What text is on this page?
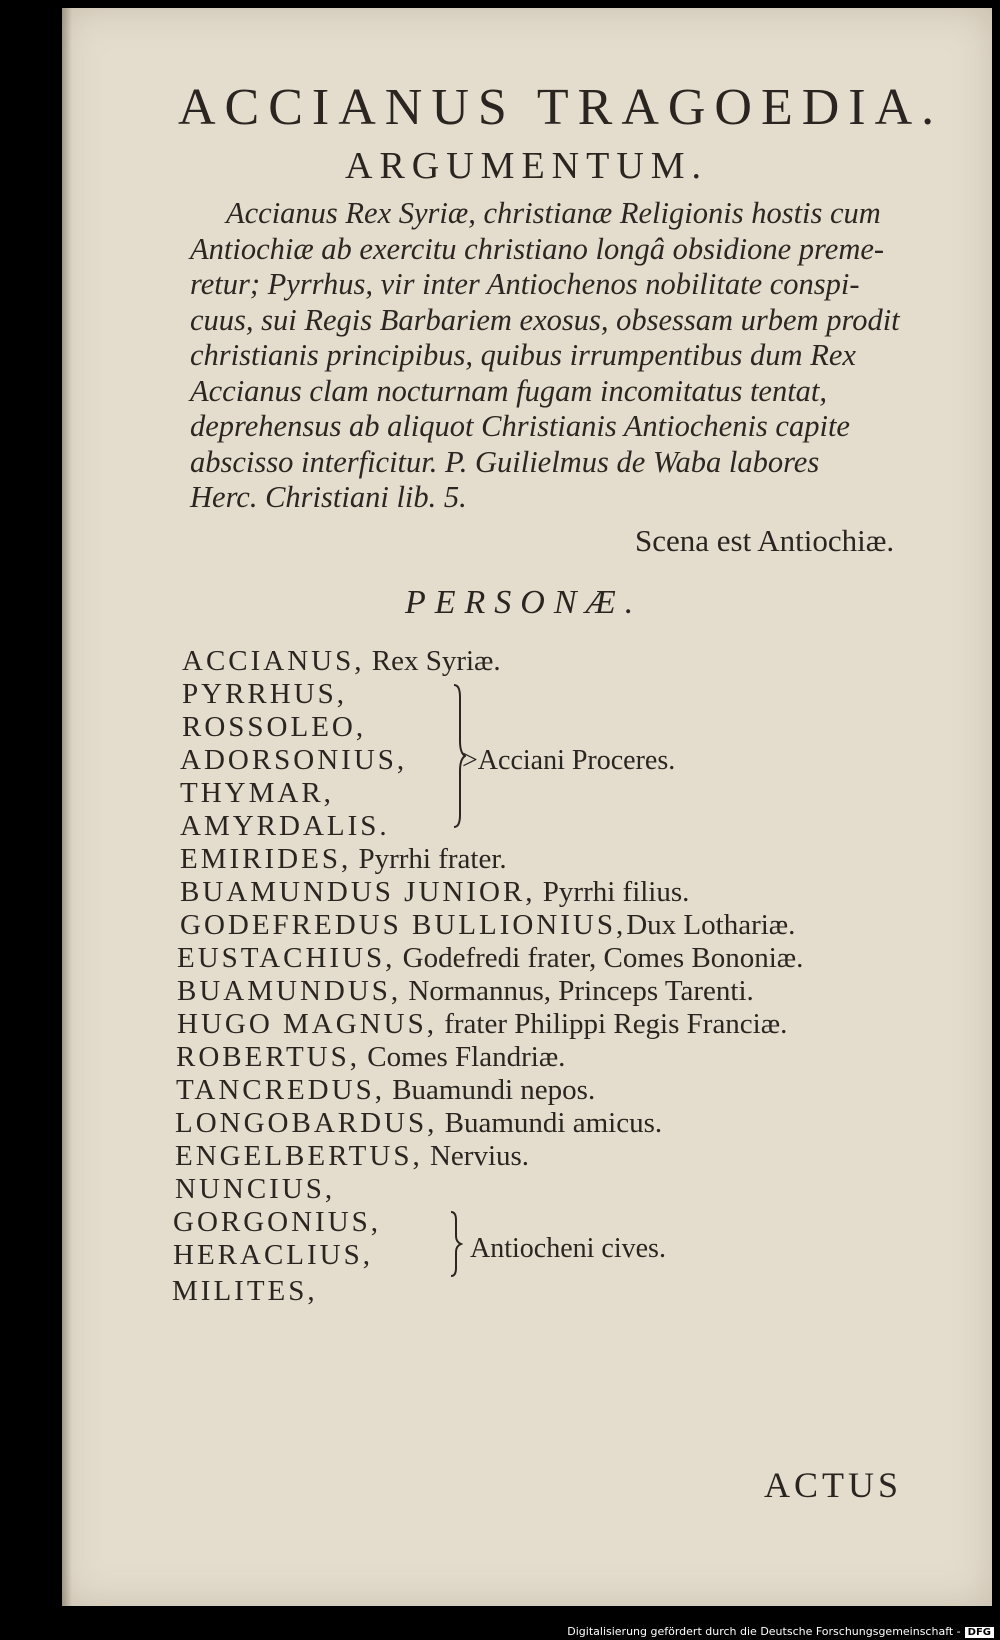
ACCIANUS TRAGOEDIA.
ARGUMENTUM.
Accianus Rex Syriæ, christianæ Religionis hostis cum
Antiochiæ ab exercitu christiano longâ obsidione preme-
retur; Pyrrhus, vir inter Antiochenos nobilitate conspi-
cuus, sui Regis Barbariem exosus, obsessam urbem prodit
christianis principibus, quibus irrumpentibus dum Rex
Accianus clam nocturnam fugam incomitatus tentat,
deprehensus ab aliquot Christianis Antiochenis capite
abscisso interficitur. P. Guilielmus de Waba labores
Herc. Christiani lib. 5.
Scena est Antiochiæ.
PERSONÆ.
ACCIANUS, Rex Syriæ.
PYRRHUS,
ROSSOLEO,
ADORSONIUS,
THYMAR,
AMYRDALIS.
>Acciani Proceres.
EMIRIDES, Pyrrhi frater.
BUAMUNDUS JUNIOR, Pyrrhi filius.
GODEFREDUS BULLIONIUS,Dux Lothariæ.
EUSTACHIUS, Godefredi frater, Comes Bononiæ.
BUAMUNDUS, Normannus, Princeps Tarenti.
HUGO MAGNUS, frater Philippi Regis Franciæ.
ROBERTUS, Comes Flandriæ.
TANCREDUS, Buamundi nepos.
LONGOBARDUS, Buamundi amicus.
ENGELBERTUS, Nervius.
NUNCIUS,
GORGONIUS,
HERACLIUS,	Antiocheni cives.
MILITES,
ACTUS
Digitalisierung gefördert durch die Deutsche Forschungsgemeinschaft - DFG
